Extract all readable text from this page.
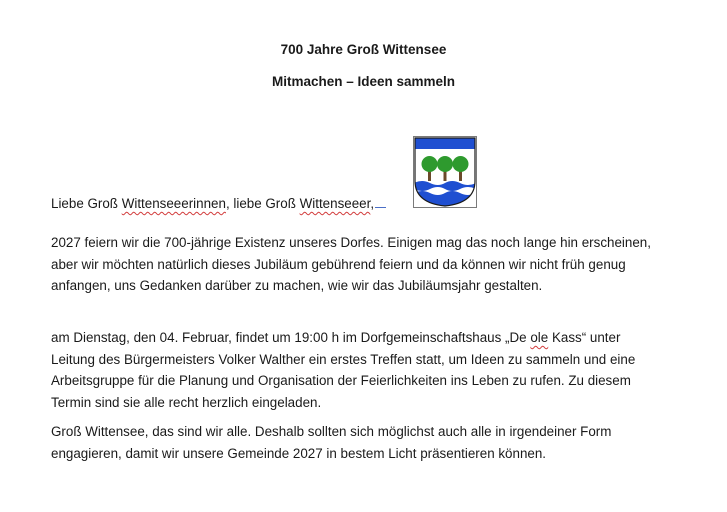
700 Jahre Groß Wittensee
Mitmachen – Ideen sammeln

Liebe Groß Wittenseeerinnen, liebe Groß Wittenseeer,

2027 feiern wir die 700-jährige Existenz unseres Dorfes. Einigen mag das noch lange hin erscheinen, aber wir möchten natürlich dieses Jubiläum gebührend feiern und da können wir nicht früh genug anfangen, uns Gedanken darüber zu machen, wie wir das Jubiläumsjahr gestalten.

am Dienstag, den 04. Februar, findet um 19:00 h im Dorfgemeinschaftshaus „De ole Kass“ unter Leitung des Bürgermeisters Volker Walther ein erstes Treffen statt, um Ideen zu sammeln und eine Arbeitsgruppe für die Planung und Organisation der Feierlichkeiten ins Leben zu rufen. Zu diesem Termin sind sie alle recht herzlich eingeladen.

Groß Wittensee, das sind wir alle. Deshalb sollten sich möglichst auch alle in irgendeiner Form engagieren, damit wir unsere Gemeinde 2027 in bestem Licht präsentieren können.
